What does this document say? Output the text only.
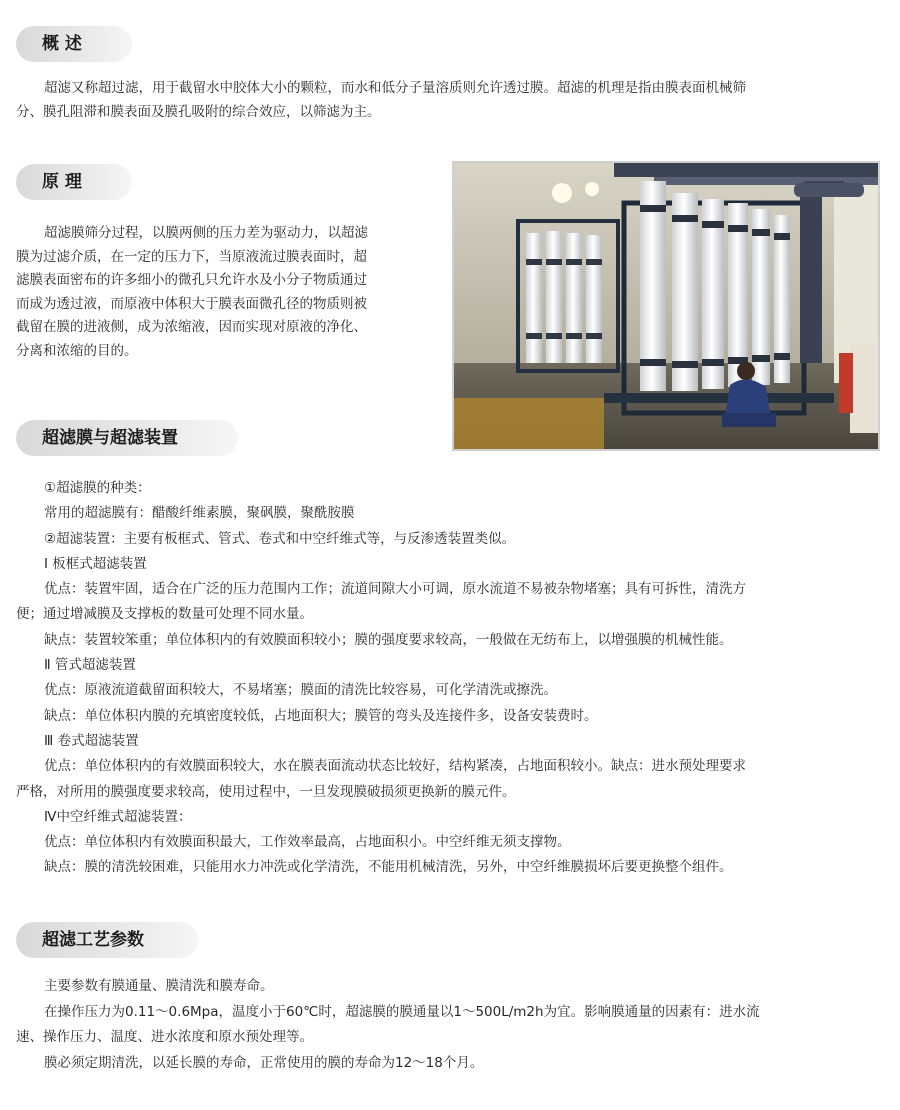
概 述
超滤又称超过滤，用于截留水中胶体大小的颗粒，而水和低分子量溶质则允许透过膜。超滤的机理是指由膜表面机械筛
分、膜孔阻滞和膜表面及膜孔吸附的综合效应，以筛滤为主。
原 理
超滤膜筛分过程，以膜两侧的压力差为驱动力，以超滤
膜为过滤介质，在一定的压力下，当原液流过膜表面时，超
滤膜表面密布的许多细小的微孔只允许水及小分子物质通过
而成为透过液，而原液中体积大于膜表面微孔径的物质则被
截留在膜的进液侧，成为浓缩液，因而实现对原液的净化、
分离和浓缩的目的。
超滤膜与超滤装置
①超滤膜的种类：
常用的超滤膜有：醋酸纤维素膜，聚砜膜，聚酰胺膜
②超滤装置：主要有板框式、管式、卷式和中空纤维式等，与反渗透装置类似。
Ⅰ 板框式超滤装置
优点：装置牢固，适合在广泛的压力范围内工作；流道间隙大小可调，原水流道不易被杂物堵塞；具有可拆性，清洗方
便；通过增减膜及支撑板的数量可处理不同水量。
缺点：装置较笨重；单位体积内的有效膜面积较小；膜的强度要求较高，一般做在无纺布上，以增强膜的机械性能。
Ⅱ 管式超滤装置
优点：原液流道截留面积较大，不易堵塞；膜面的清洗比较容易，可化学清洗或擦洗。
缺点：单位体积内膜的充填密度较低，占地面积大；膜管的弯头及连接件多，设备安装费时。
Ⅲ 卷式超滤装置
优点：单位体积内的有效膜面积较大，水在膜表面流动状态比较好，结构紧凑，占地面积较小。缺点：进水预处理要求
严格，对所用的膜强度要求较高，使用过程中，一旦发现膜破损须更换新的膜元件。
Ⅳ中空纤维式超滤装置：
优点：单位体积内有效膜面积最大，工作效率最高，占地面积小。中空纤维无须支撑物。
缺点：膜的清洗较困难，只能用水力冲洗或化学清洗，不能用机械清洗，另外，中空纤维膜损坏后要更换整个组件。
超滤工艺参数
主要参数有膜通量、膜清洗和膜寿命。
在操作压力为0.11～0.6Mpa，温度小于60℃时，超滤膜的膜通量以1～500L/m2h为宜。影响膜通量的因素有：进水流
速、操作压力、温度、进水浓度和原水预处理等。
膜必须定期清洗，以延长膜的寿命，正常使用的膜的寿命为12～18个月。
